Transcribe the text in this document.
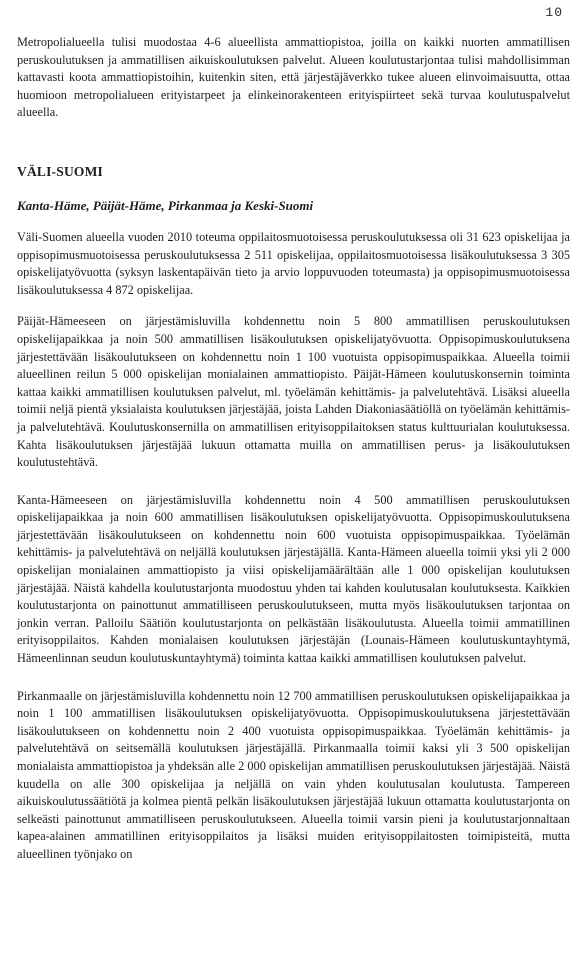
10

Metropolialueella tulisi muodostaa 4-6 aluеellista ammattiopistoa, joilla on kaikki nuorten ammatillisen peruskoulutuksen ja ammatillisen aikuiskoulutuksen palvelut. Alueen koulutustarjontaa tulisi mahdollisimman kattavasti koota ammattiopistoihin, kuitenkin siten, että järjestäjäverkko tukee alueen elinvoimaisuutta, ottaa huomioon metropolialueen erityistarpeet ja elinkeinorakenteen erityispiirteet sekä turvaa koulutuspalvelut alueella.

VÄLI-SUOMI
Kanta-Häme, Päijät-Häme, Pirkanmaa ja Keski-Suomi

Väli-Suomen alueella vuoden 2010 toteuma oppilaitosmuotoisessa peruskoulutuksessa oli 31 623 opiskelijaa ja oppisopimusmuotoisessa peruskoulutuksessa 2 511 opiskelijaa, oppilaitosmuotoisessa lisäkoulutuksessa 3 305 opiskelijatyövuotta (syksyn laskentapäivän tieto ja arvio loppuvuoden toteumasta) ja oppisopimusmuotoisessa lisäkoulutuksessa 4 872 opiskelijaa.

Päijät-Hämeeseen on järjestämisluvilla kohdennettu noin 5 800 ammatillisen peruskoulutuksen opiskelijapaikkaa ja noin 500 ammatillisen lisäkoulutuksen opiskelijatyövuotta. Oppisopimuskoulutuksena järjestettävään lisäkoulutukseen on kohdennettu noin 1 100 vuotuista oppisopimuspaikkaa. Alueella toimii alueellinen reilun 5 000 opiskelijan monialainen ammattiopisto. Päijät-Hämeen koulutuskonsernin toiminta kattaa kaikki ammatillisen koulutuksen palvelut, ml. työelämän kehittämis- ja palvelutehtävä. Lisäksi alueella toimii neljä pientä yksialaista koulutuksen järjestäjää, joista Lahden Diakoniasäätiöllä on työelämän kehittämis- ja palvelutehtävä. Koulutuskonsernilla on ammatillisen erityisoppilaitoksen status kulttuurialan koulutuksessa. Kahta lisäkoulutuksen järjestäjää lukuun ottamatta muilla on ammatillisen perus- ja lisäkoulutuksen koulutustehtävä.

Kanta-Hämeeseen on järjestämisluvilla kohdennettu noin 4 500 ammatillisen peruskoulutuksen opiskelijapaikkaa ja noin 600 ammatillisen lisäkoulutuksen opiskelijatyövuotta. Oppisopimuskoulutuksena järjestettävään lisäkoulutukseen on kohdennettu noin 600 vuotuista oppisopimuspaikkaa. Työelämän kehittämis- ja palvelutehtävä on neljällä koulutuksen järjestäjällä. Kanta-Hämeen alueella toimii yksi yli 2 000 opiskelijan monialainen ammattiopisto ja viisi opiskelijamäärältään alle 1 000 opiskelijan koulutuksen järjestäjää. Näistä kahdella koulutustarjonta muodostuu yhden tai kahden koulutusalan koulutuksesta. Kaikkien koulutustarjonta on painottunut ammatilliseen peruskoulutukseen, mutta myös lisäkoulutuksen tarjontaa on jonkin verran. Palloilu Säätiön koulutustarjonta on pelkästään lisäkoulutusta. Alueella toimii ammatillinen erityisoppilaitos. Kahden monialaisen koulutuksen järjestäjän (Lounais-Hämeen koulutuskuntayhtymä, Hämeenlinnan seudun koulutuskuntayhtymä) toiminta kattaa kaikki ammatillisen koulutuksen palvelut.

Pirkanmaalle on järjestämisluvilla kohdennettu noin 12 700 ammatillisen peruskoulutuksen opiskelijapaikkaa ja noin 1 100 ammatillisen lisäkoulutuksen opiskelijatyövuotta. Oppisopimuskoulutuksena järjestettävään lisäkoulutukseen on kohdennettu noin 2 400 vuotuista oppisopimuspaikkaa. Työelämän kehittämis- ja palvelutehtävä on seitsemällä koulutuksen järjestäjällä. Pirkanmaalla toimii kaksi yli 3 500 opiskelijan monialaista ammattiopistoa ja yhdeksän alle 2 000 opiskelijan ammatillisen peruskoulutuksen järjestäjää. Näistä kuudella on alle 300 opiskelijaa ja neljällä on vain yhden koulutusalan koulutusta. Tampereen aikuiskoulutussäätiötä ja kolmea pientä pelkän lisäkoulutuksen järjestäjää lukuun ottamatta koulutustarjonta on selkeästi painottunut ammatilliseen peruskoulutukseen. Alueella toimii varsin pieni ja koulutustarjonnaltaan kapea-alainen ammatillinen erityisoppilaitos ja lisäksi muiden erityisoppilaitosten toimipisteitä, mutta alueellinen työnjako on
